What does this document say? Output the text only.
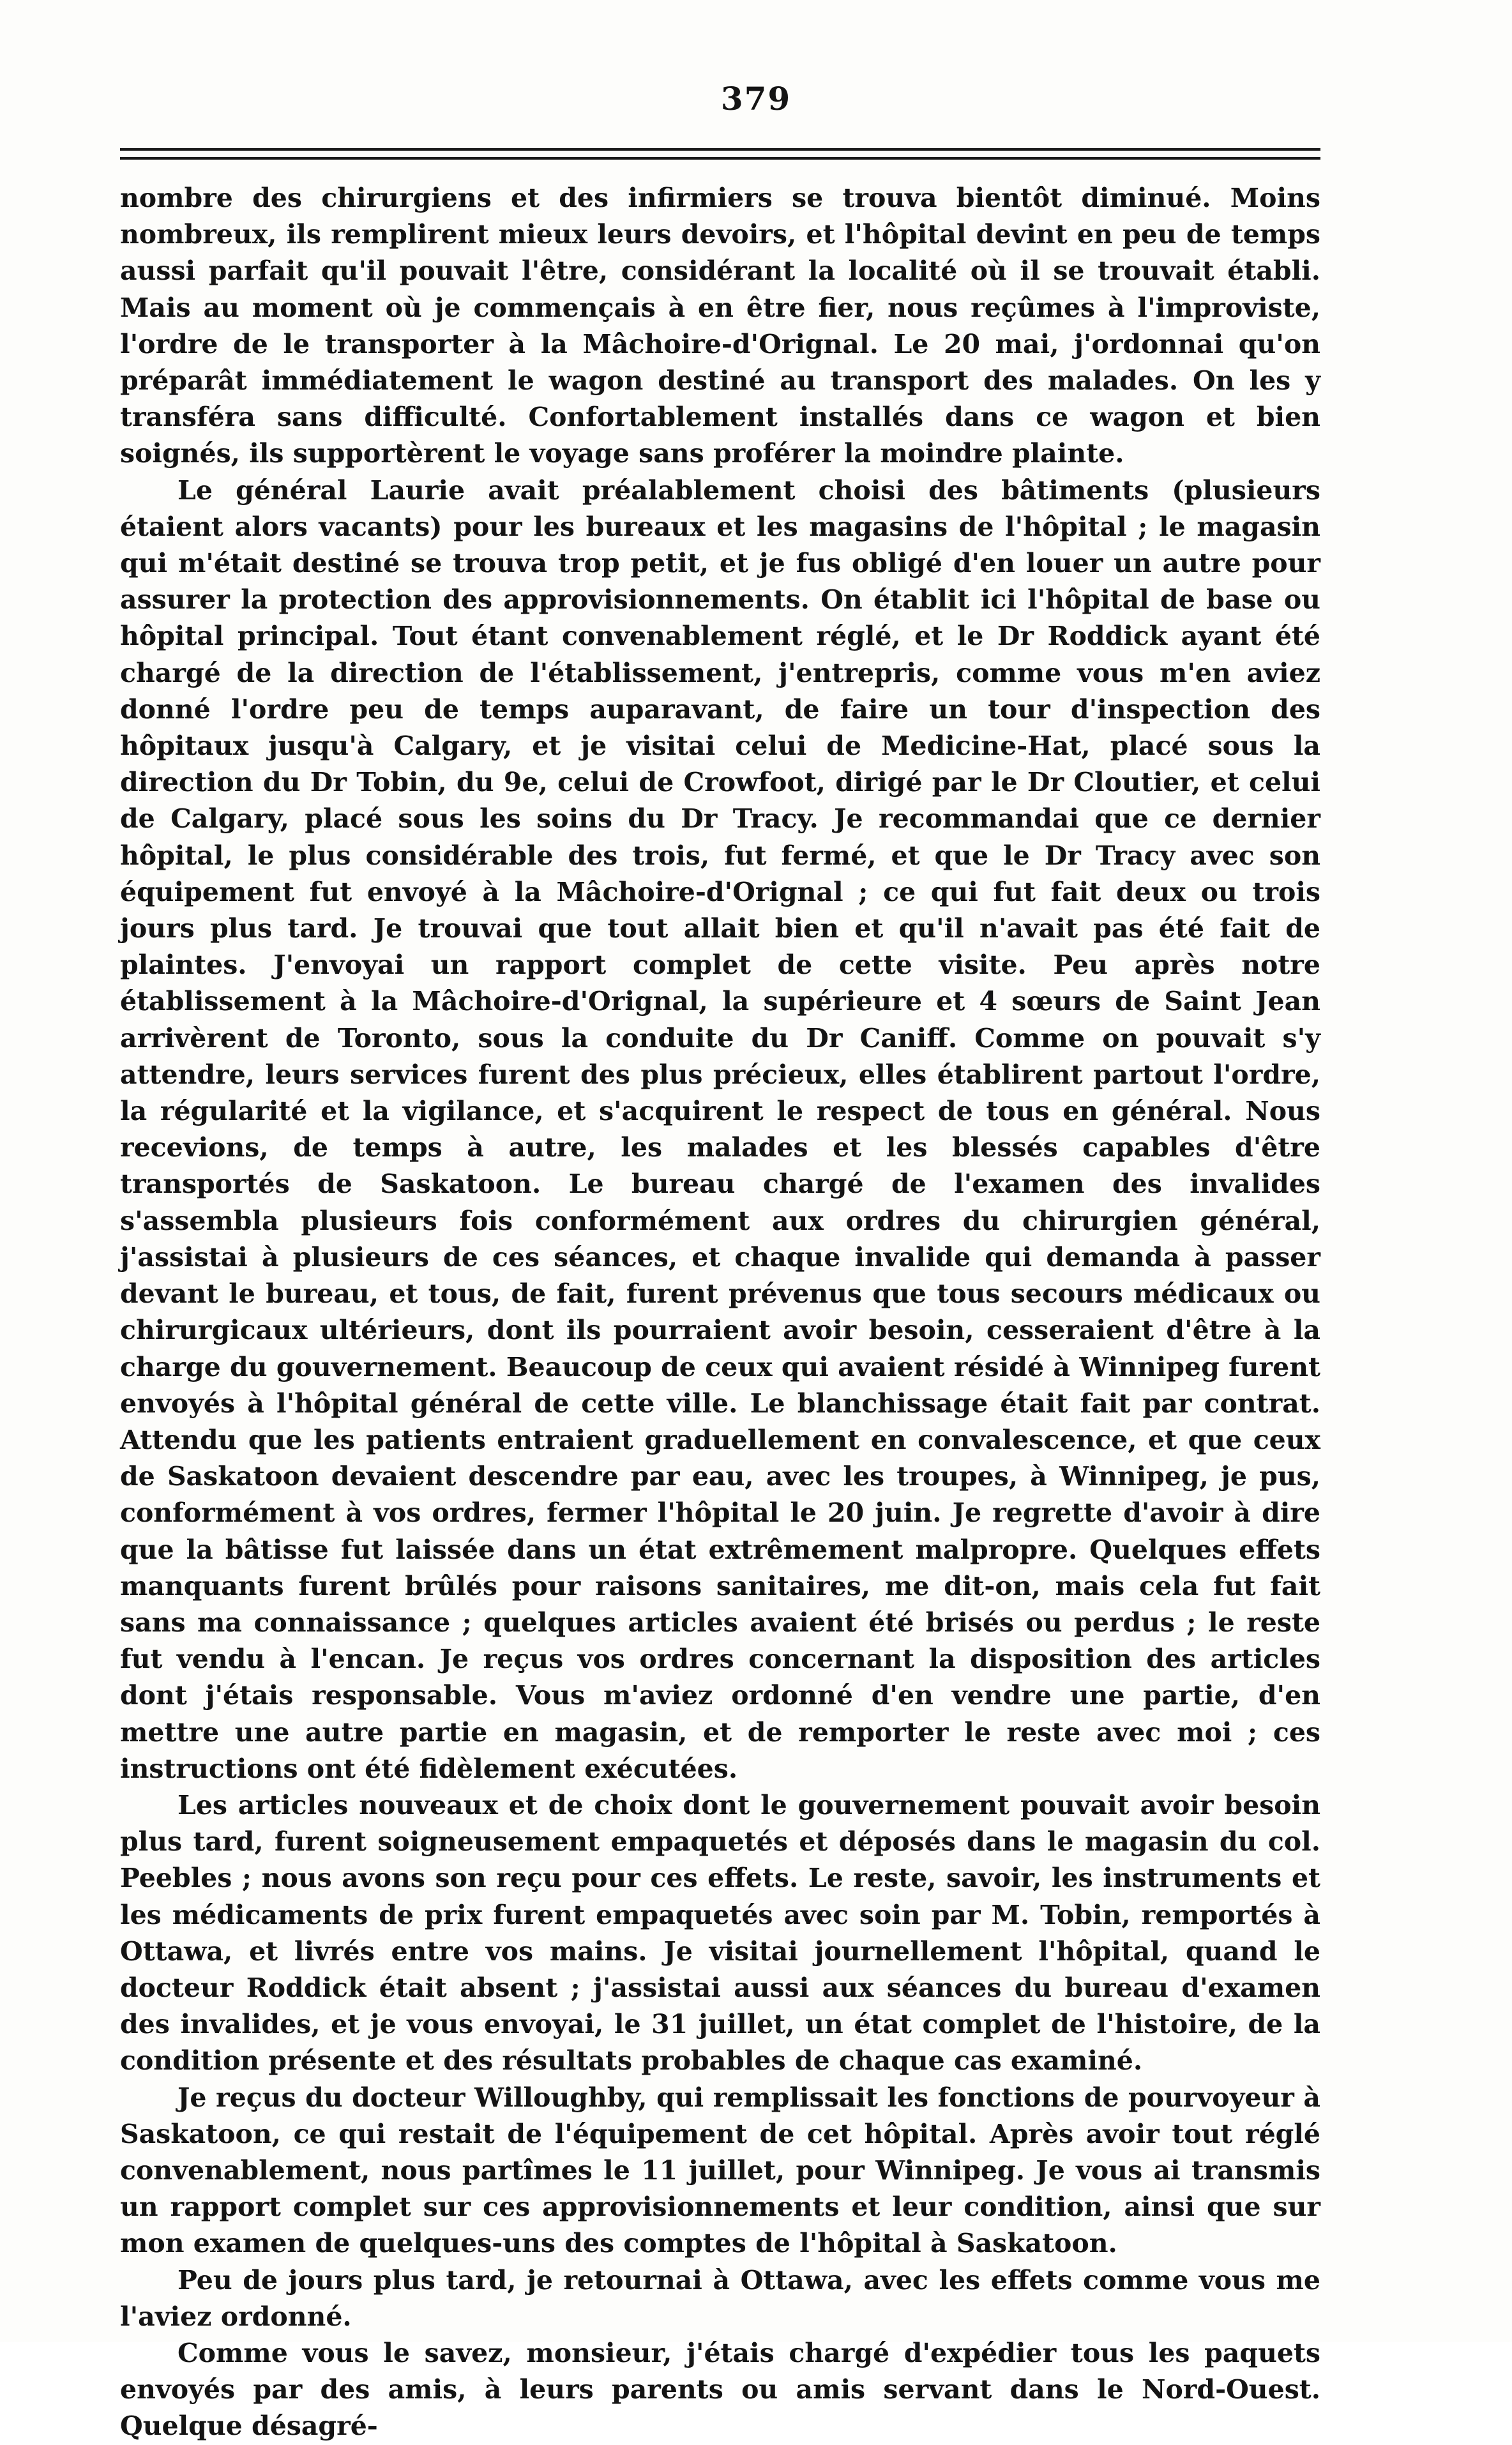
379

nombre des chirurgiens et des infirmiers se trouva bientôt diminué. Moins nombreux, ils remplirent mieux leurs devoirs, et l'hôpital devint en peu de temps aussi parfait qu'il pouvait l'être, considérant la localité où il se trouvait établi. Mais au moment où je commençais à en être fier, nous reçûmes à l'improviste, l'ordre de le transporter à la Mâchoire-d'Orignal. Le 20 mai, j'ordonnai qu'on préparât immédiatement le wagon destiné au transport des malades. On les y transféra sans difficulté. Confortablement installés dans ce wagon et bien soignés, ils supportèrent le voyage sans proférer la moindre plainte.

Le général Laurie avait préalablement choisi des bâtiments (plusieurs étaient alors vacants) pour les bureaux et les magasins de l'hôpital ; le magasin qui m'était destiné se trouva trop petit, et je fus obligé d'en louer un autre pour assurer la protection des approvisionnements. On établit ici l'hôpital de base ou hôpital principal. Tout étant convenablement réglé, et le Dr Roddick ayant été chargé de la direction de l'établissement, j'entrepris, comme vous m'en aviez donné l'ordre peu de temps auparavant, de faire un tour d'inspection des hôpitaux jusqu'à Calgary, et je visitai celui de Medicine-Hat, placé sous la direction du Dr Tobin, du 9e, celui de Crowfoot, dirigé par le Dr Cloutier, et celui de Calgary, placé sous les soins du Dr Tracy. Je recommandai que ce dernier hôpital, le plus considérable des trois, fut fermé, et que le Dr Tracy avec son équipement fut envoyé à la Mâchoire-d'Orignal ; ce qui fut fait deux ou trois jours plus tard. Je trouvai que tout allait bien et qu'il n'avait pas été fait de plaintes. J'envoyai un rapport complet de cette visite. Peu après notre établissement à la Mâchoire-d'Orignal, la supérieure et 4 sœurs de Saint Jean arrivèrent de Toronto, sous la conduite du Dr Caniff. Comme on pouvait s'y attendre, leurs services furent des plus précieux, elles établirent partout l'ordre, la régularité et la vigilance, et s'acquirent le respect de tous en général. Nous recevions, de temps à autre, les malades et les blessés capables d'être transportés de Saskatoon. Le bureau chargé de l'examen des invalides s'assembla plusieurs fois conformément aux ordres du chirurgien général, j'assistai à plusieurs de ces séances, et chaque invalide qui demanda à passer devant le bureau, et tous, de fait, furent prévenus que tous secours médicaux ou chirurgicaux ultérieurs, dont ils pourraient avoir besoin, cesseraient d'être à la charge du gouvernement. Beaucoup de ceux qui avaient résidé à Winnipeg furent envoyés à l'hôpital général de cette ville. Le blanchissage était fait par contrat. Attendu que les patients entraient graduellement en convalescence, et que ceux de Saskatoon devaient descendre par eau, avec les troupes, à Winnipeg, je pus, conformément à vos ordres, fermer l'hôpital le 20 juin. Je regrette d'avoir à dire que la bâtisse fut laissée dans un état extrêmement malpropre. Quelques effets manquants furent brûlés pour raisons sanitaires, me dit-on, mais cela fut fait sans ma connaissance ; quelques articles avaient été brisés ou perdus ; le reste fut vendu à l'encan. Je reçus vos ordres concernant la disposition des articles dont j'étais responsable. Vous m'aviez ordonné d'en vendre une partie, d'en mettre une autre partie en magasin, et de remporter le reste avec moi ; ces instructions ont été fidèlement exécutées.

Les articles nouveaux et de choix dont le gouvernement pouvait avoir besoin plus tard, furent soigneusement empaquetés et déposés dans le magasin du col. Peebles ; nous avons son reçu pour ces effets. Le reste, savoir, les instruments et les médicaments de prix furent empaquetés avec soin par M. Tobin, remportés à Ottawa, et livrés entre vos mains. Je visitai journellement l'hôpital, quand le docteur Roddick était absent ; j'assistai aussi aux séances du bureau d'examen des invalides, et je vous envoyai, le 31 juillet, un état complet de l'histoire, de la condition présente et des résultats probables de chaque cas examiné.

Je reçus du docteur Willoughby, qui remplissait les fonctions de pourvoyeur à Saskatoon, ce qui restait de l'équipement de cet hôpital. Après avoir tout réglé convenablement, nous partîmes le 11 juillet, pour Winnipeg. Je vous ai transmis un rapport complet sur ces approvisionnements et leur condition, ainsi que sur mon examen de quelques-uns des comptes de l'hôpital à Saskatoon.

Peu de jours plus tard, je retournai à Ottawa, avec les effets comme vous me l'aviez ordonné.

Comme vous le savez, monsieur, j'étais chargé d'expédier tous les paquets envoyés par des amis, à leurs parents ou amis servant dans le Nord-Ouest. Quelque désagré-
